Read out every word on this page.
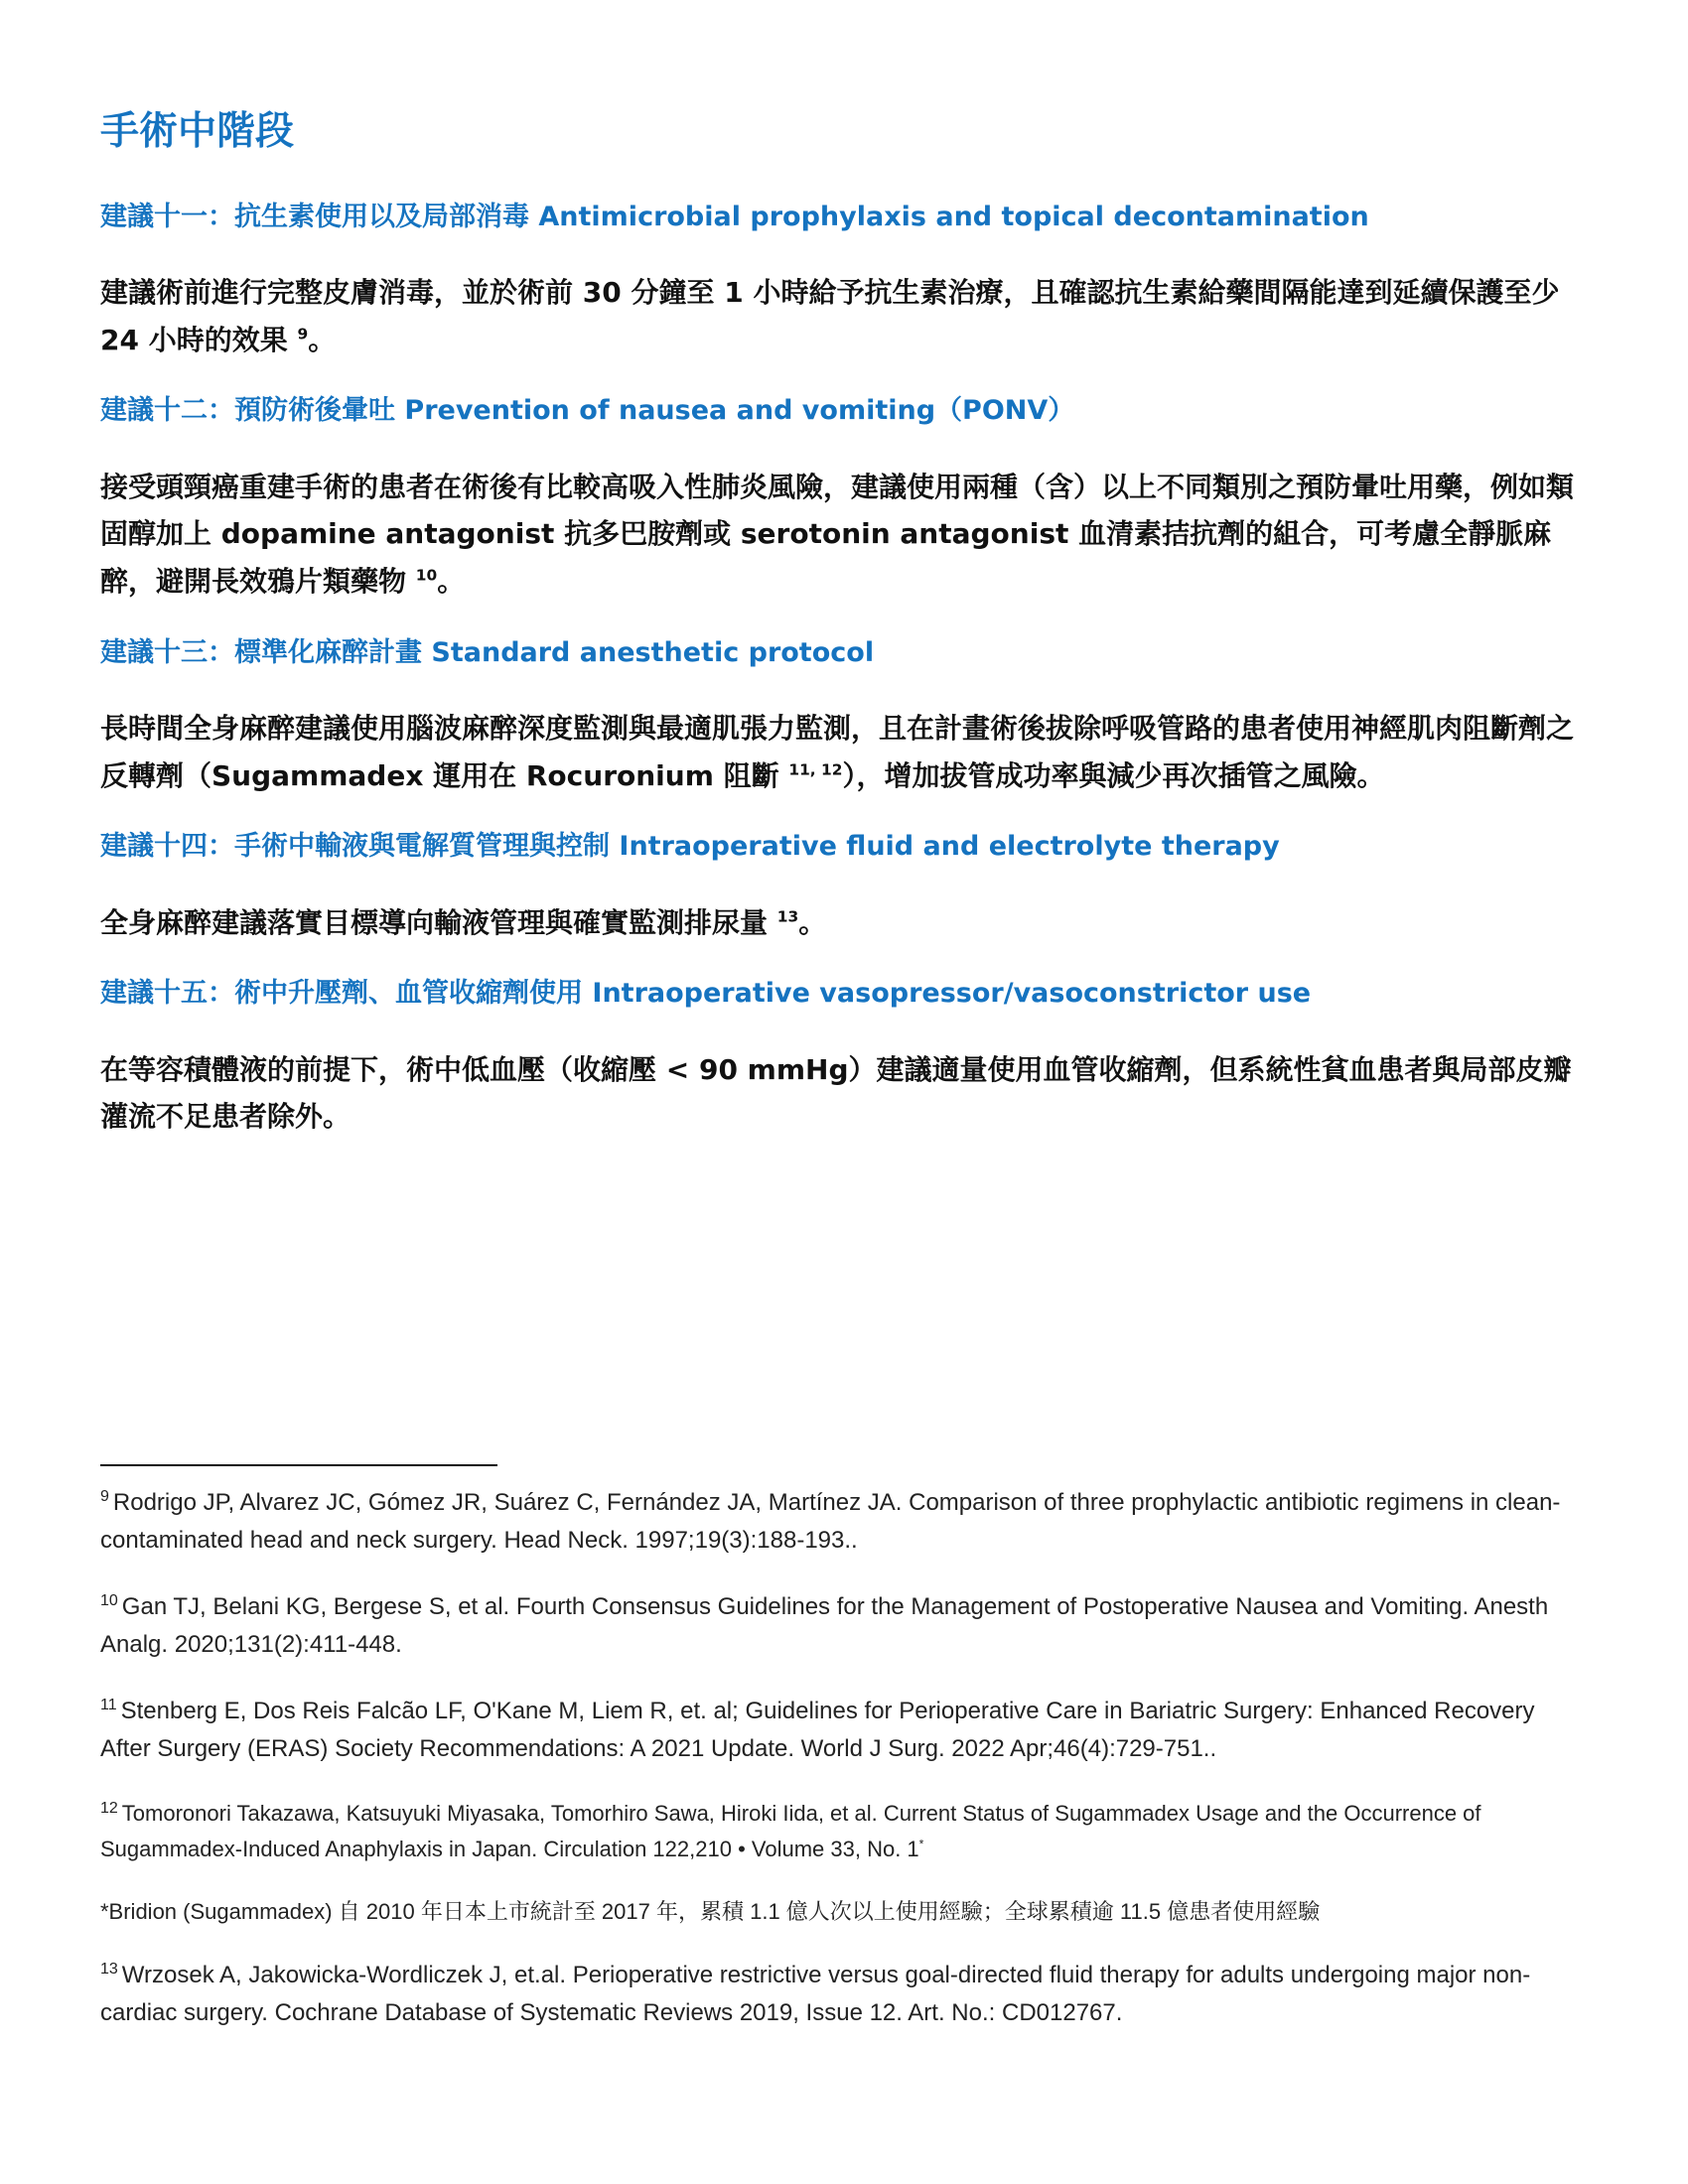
手術中階段
建議十一：抗生素使用以及局部消毒 Antimicrobial prophylaxis and topical decontamination

建議術前進行完整皮膚消毒，並於術前 30 分鐘至 1 小時給予抗生素治療，且確認抗生素給藥間隔能達到延續保護至少 24 小時的效果 $^9$。

建議十二：預防術後暈吐 Prevention of nausea and vomiting（PONV）

接受頭頸癌重建手術的患者在術後有比較高吸入性肺炎風險，建議使用兩種（含）以上不同類別之預防暈吐用藥，例如類固醇加上 dopamine antagonist 抗多巴胺劑或 serotonin antagonist 血清素拮抗劑的組合，可考慮全靜脈麻醉，避開長效鴉片類藥物 $^{10}$。

建議十三：標準化麻醉計畫 Standard anesthetic protocol

長時間全身麻醉建議使用腦波麻醉深度監測與最適肌張力監測，且在計畫術後拔除呼吸管路的患者使用神經肌肉阻斷劑之反轉劑（Sugammadex 運用在 Rocuronium 阻斷 $^{11, 12}$），增加拔管成功率與減少再次插管之風險。

建議十四：手術中輸液與電解質管理與控制 Intraoperative fluid and electrolyte therapy

全身麻醉建議落實目標導向輸液管理與確實監測排尿量 $^{13}$。

建議十五：術中升壓劑、血管收縮劑使用 Intraoperative vasopressor/vasoconstrictor use

在等容積體液的前提下，術中低血壓（收縮壓 < 90 mmHg）建議適量使用血管收縮劑，但系統性貧血患者與局部皮瓣灌流不足患者除外。

$^9$ Rodrigo JP, Alvarez JC, Gómez JR, Suárez C, Fernández JA, Martínez JA. Comparison of three prophylactic antibiotic regimens in clean-contaminated head and neck surgery. Head Neck. 1997;19(3):188-193..

$^{10}$ Gan TJ, Belani KG, Bergese S, et al. Fourth Consensus Guidelines for the Management of Postoperative Nausea and Vomiting. Anesth Analg. 2020;131(2):411-448.

$^{11}$ Stenberg E, Dos Reis Falcão LF, O'Kane M, Liem R, et. al; Guidelines for Perioperative Care in Bariatric Surgery: Enhanced Recovery After Surgery (ERAS) Society Recommendations: A 2021 Update. World J Surg. 2022 Apr;46(4):729-751..

$^{12}$ Tomoronori Takazawa, Katsuyuki Miyasaka, Tomorhiro Sawa, Hiroki Iida, et al. Current Status of Sugammadex Usage and the Occurrence of Sugammadex-Induced Anaphylaxis in Japan. Circulation 122,210 • Volume 33, No. 1*

*Bridion (Sugammadex) 自 2010 年日本上市統計至 2017 年，累積 1.1 億人次以上使用經驗；全球累積逾 11.5 億患者使用經驗

$^{13}$ Wrzosek A, Jakowicka-Wordliczek J, et.al. Perioperative restrictive versus goal-directed fluid therapy for adults undergoing major non-cardiac surgery. Cochrane Database of Systematic Reviews 2019, Issue 12. Art. No.: CD012767.
